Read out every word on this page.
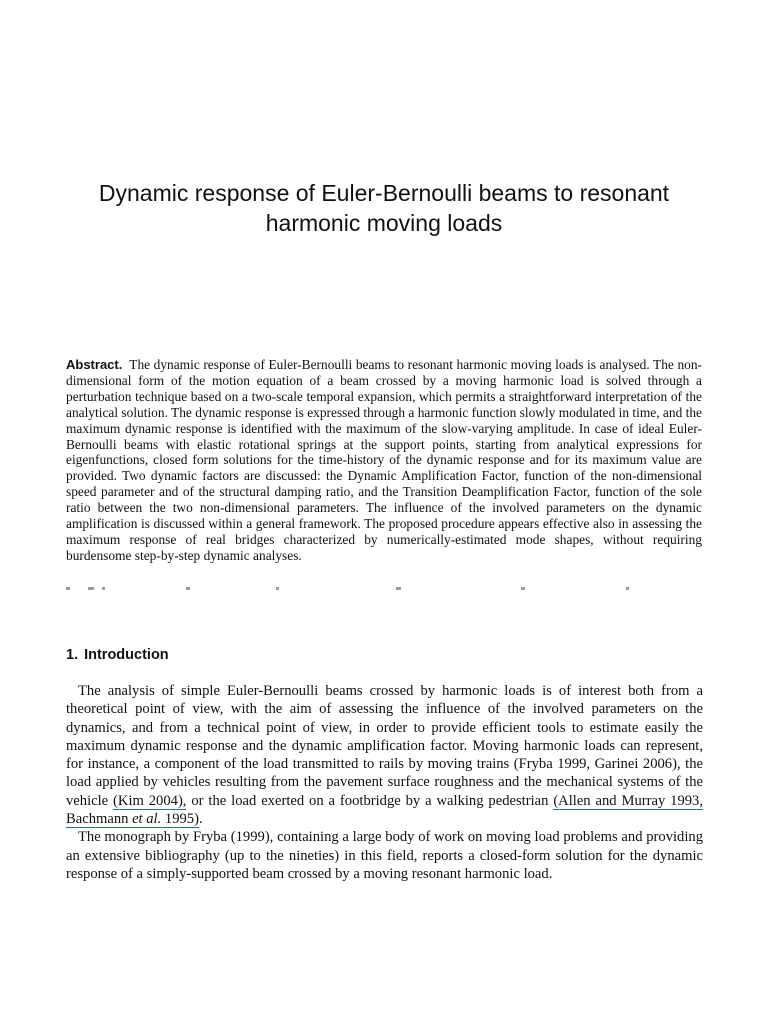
Dynamic response of Euler-Bernoulli beams to resonant
harmonic moving loads

Abstract. The dynamic response of Euler-Bernoulli beams to resonant harmonic moving loads is analysed. The non-dimensional form of the motion equation of a beam crossed by a moving harmonic load is solved through a perturbation technique based on a two-scale temporal expansion, which permits a straightforward interpretation of the analytical solution. The dynamic response is expressed through a harmonic function slowly modulated in time, and the maximum dynamic response is identified with the maximum of the slow-varying amplitude. In case of ideal Euler-Bernoulli beams with elastic rotational springs at the support points, starting from analytical expressions for eigenfunctions, closed form solutions for the time-history of the dynamic response and for its maximum value are provided. Two dynamic factors are discussed: the Dynamic Amplification Factor, function of the non-dimensional speed parameter and of the structural damping ratio, and the Transition Deamplification Factor, function of the sole ratio between the two non-dimensional parameters. The influence of the involved parameters on the dynamic amplification is discussed within a general framework. The proposed procedure appears effective also in assessing the maximum response of real bridges characterized by numerically-estimated mode shapes, without requiring burdensome step-by-step dynamic analyses.

1. Introduction

The analysis of simple Euler-Bernoulli beams crossed by harmonic loads is of interest both from a theoretical point of view, with the aim of assessing the influence of the involved parameters on the dynamics, and from a technical point of view, in order to provide efficient tools to estimate easily the maximum dynamic response and the dynamic amplification factor. Moving harmonic loads can represent, for instance, a component of the load transmitted to rails by moving trains (Fryba 1999, Garinei 2006), the load applied by vehicles resulting from the pavement surface roughness and the mechanical systems of the vehicle (Kim 2004), or the load exerted on a footbridge by a walking pedestrian (Allen and Murray 1993, Bachmann et al. 1995).

The monograph by Fryba (1999), containing a large body of work on moving load problems and providing an extensive bibliography (up to the nineties) in this field, reports a closed-form solution for the dynamic response of a simply-supported beam crossed by a moving resonant harmonic load.
